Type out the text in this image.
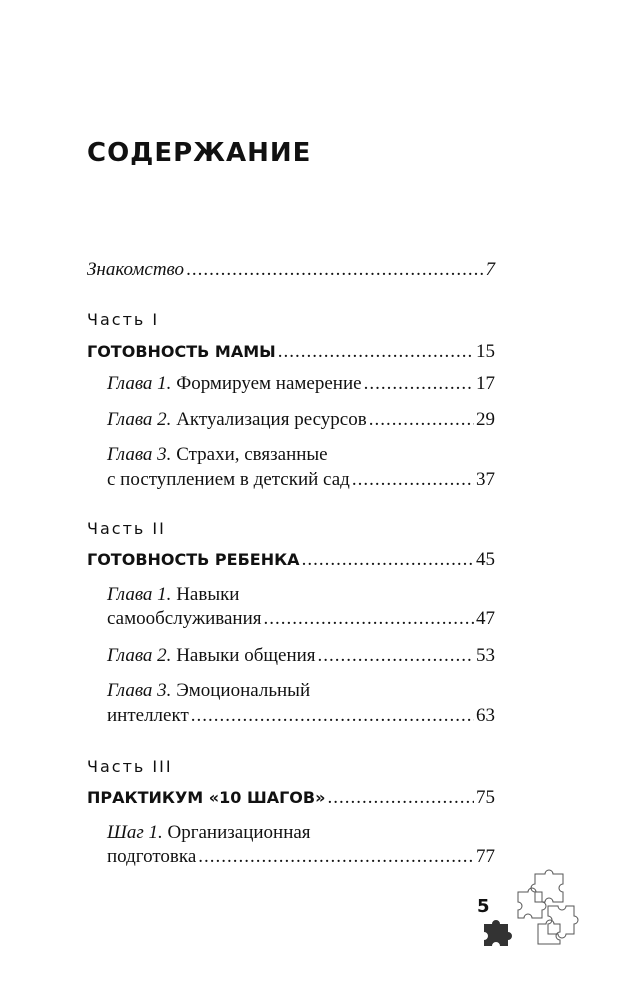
СОДЕРЖАНИЕ
Знакомство .....	7
Часть I
ГОТОВНОСТЬ МАМЫ .....	15
Глава 1. Формируем намерение .....	17
Глава 2. Актуализация ресурсов .....	29
Глава 3. Страхи, связанные
с поступлением в детский сад .....	37
Часть II
ГОТОВНОСТЬ РЕБЕНКА .....	45
Глава 1. Навыки
самообслуживания .....	47
Глава 2. Навыки общения .....	53
Глава 3. Эмоциональный
интеллект .....	63
Часть III
ПРАКТИКУМ «10 ШАГОВ» .....	75
Шаг 1. Организационная
подготовка .....	77
5
